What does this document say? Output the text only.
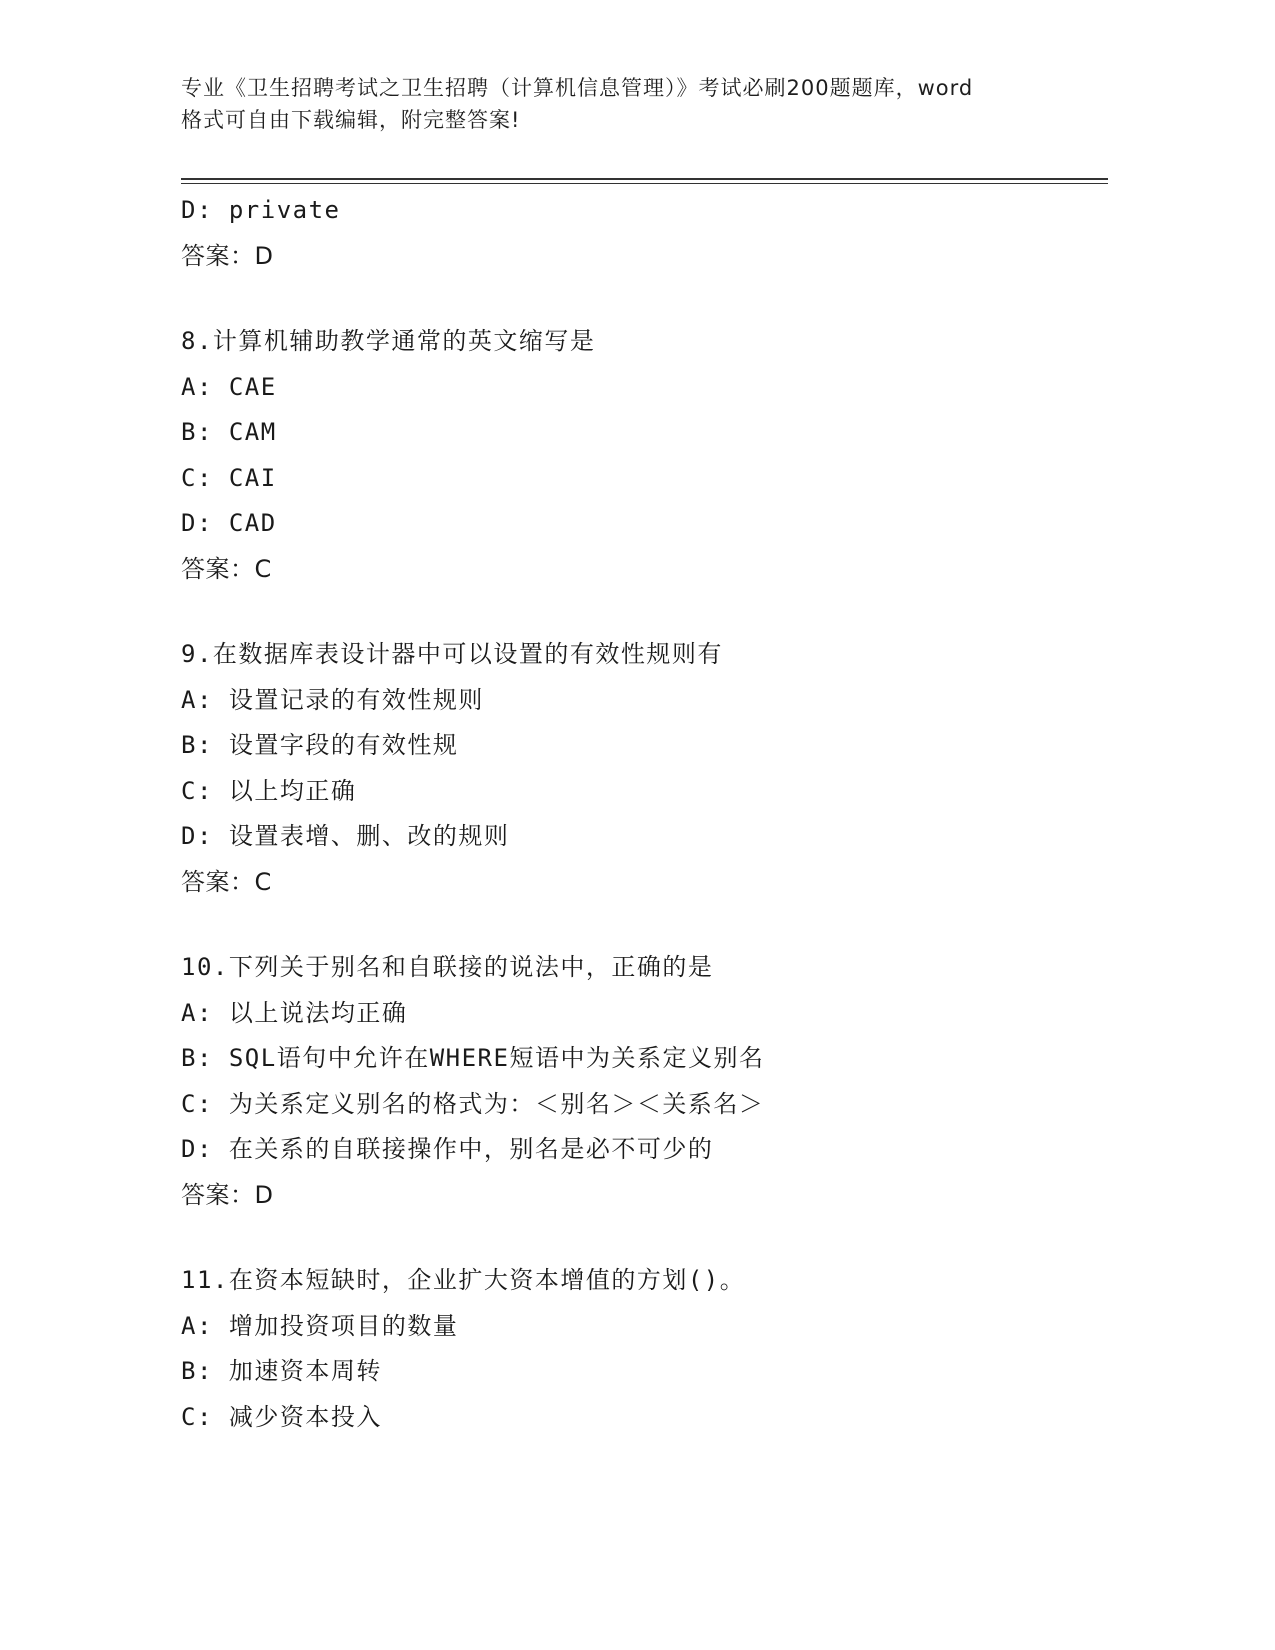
专业《卫生招聘考试之卫生招聘（计算机信息管理）》考试必刷200题题库，word
格式可自由下载编辑，附完整答案!
D: private
答案：D
8.计算机辅助教学通常的英文缩写是
A: CAE
B: CAM
C: CAI
D: CAD
答案：C
9.在数据库表设计器中可以设置的有效性规则有
A: 设置记录的有效性规则
B: 设置字段的有效性规
C: 以上均正确
D: 设置表增、删、改的规则
答案：C
10.下列关于别名和自联接的说法中，正确的是
A: 以上说法均正确
B: SQL语句中允许在WHERE短语中为关系定义别名
C: 为关系定义别名的格式为：＜别名＞＜关系名＞
D: 在关系的自联接操作中，别名是必不可少的
答案：D
11.在资本短缺时，企业扩大资本增值的方划()。
A: 增加投资项目的数量
B: 加速资本周转
C: 减少资本投入
